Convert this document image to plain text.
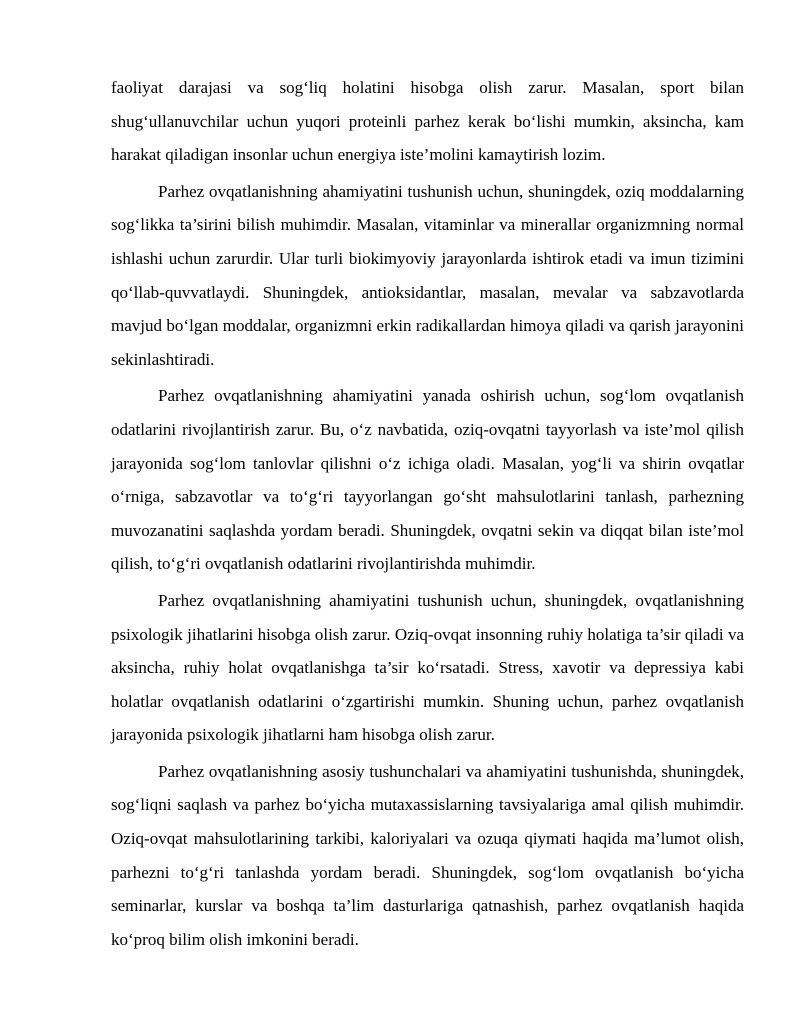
faoliyat darajasi va sog‘liq holatini hisobga olish zarur. Masalan, sport bilan shug‘ullanuvchilar uchun yuqori proteinli parhez kerak bo‘lishi mumkin, aksincha, kam harakat qiladigan insonlar uchun energiya iste’molini kamaytirish lozim.

Parhez ovqatlanishning ahamiyatini tushunish uchun, shuningdek, oziq moddalarning sog‘likka ta’sirini bilish muhimdir. Masalan, vitaminlar va minerallar organizmning normal ishlashi uchun zarurdir. Ular turli biokimyoviy jarayonlarda ishtirok etadi va imun tizimini qo‘llab-quvvatlaydi. Shuningdek, antioksidantlar, masalan, mevalar va sabzavotlarda mavjud bo‘lgan moddalar, organizmni erkin radikallardan himoya qiladi va qarish jarayonini sekinlashtiradi.

Parhez ovqatlanishning ahamiyatini yanada oshirish uchun, sog‘lom ovqatlanish odatlarini rivojlantirish zarur. Bu, o‘z navbatida, oziq-ovqatni tayyorlash va iste’mol qilish jarayonida sog‘lom tanlovlar qilishni o‘z ichiga oladi. Masalan, yog‘li va shirin ovqatlar o‘rniga, sabzavotlar va to‘g‘ri tayyorlangan go‘sht mahsulotlarini tanlash, parhezning muvozanatini saqlashda yordam beradi. Shuningdek, ovqatni sekin va diqqat bilan iste’mol qilish, to‘g‘ri ovqatlanish odatlarini rivojlantirishda muhimdir.

Parhez ovqatlanishning ahamiyatini tushunish uchun, shuningdek, ovqatlanishning psixologik jihatlarini hisobga olish zarur. Oziq-ovqat insonning ruhiy holatiga ta’sir qiladi va aksincha, ruhiy holat ovqatlanishga ta’sir ko‘rsatadi. Stress, xavotir va depressiya kabi holatlar ovqatlanish odatlarini o‘zgartirishi mumkin. Shuning uchun, parhez ovqatlanish jarayonida psixologik jihatlarni ham hisobga olish zarur.

Parhez ovqatlanishning asosiy tushunchalari va ahamiyatini tushunishda, shuningdek, sog‘liqni saqlash va parhez bo‘yicha mutaxassislarning tavsiyalariga amal qilish muhimdir. Oziq-ovqat mahsulotlarining tarkibi, kaloriyalari va ozuqa qiymati haqida ma’lumot olish, parhezni to‘g‘ri tanlashda yordam beradi. Shuningdek, sog‘lom ovqatlanish bo‘yicha seminarlar, kurslar va boshqa ta’lim dasturlariga qatnashish, parhez ovqatlanish haqida ko‘proq bilim olish imkonini beradi.
